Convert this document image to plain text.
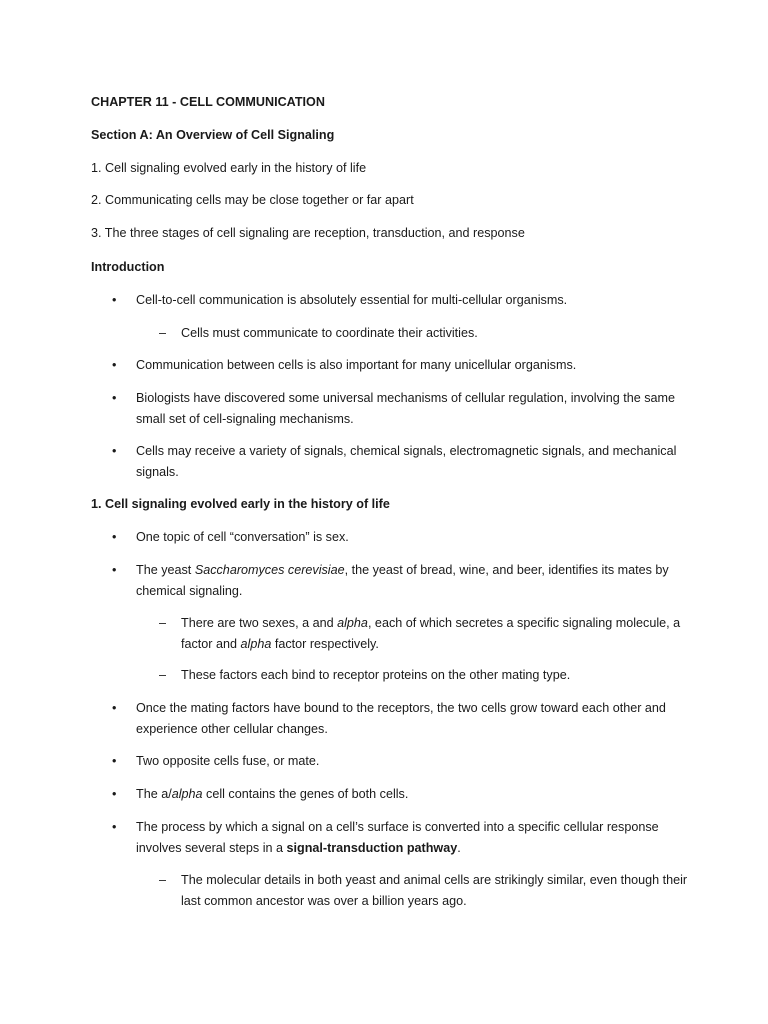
CHAPTER 11 - CELL COMMUNICATION
Section A: An Overview of Cell Signaling
1. Cell signaling evolved early in the history of life
2. Communicating cells may be close together or far apart
3. The three stages of cell signaling are reception, transduction, and response
Introduction
• Cell-to-cell communication is absolutely essential for multi-cellular organisms.
– Cells must communicate to coordinate their activities.
• Communication between cells is also important for many unicellular organisms.
• Biologists have discovered some universal mechanisms of cellular regulation, involving the same small set of cell-signaling mechanisms.
• Cells may receive a variety of signals, chemical signals, electromagnetic signals, and mechanical signals.
1. Cell signaling evolved early in the history of life
• One topic of cell “conversation” is sex.
• The yeast Saccharomyces cerevisiae, the yeast of bread, wine, and beer, identifies its mates by chemical signaling.
– There are two sexes, a and alpha, each of which secretes a specific signaling molecule, a factor and alpha factor respectively.
– These factors each bind to receptor proteins on the other mating type.
• Once the mating factors have bound to the receptors, the two cells grow toward each other and experience other cellular changes.
• Two opposite cells fuse, or mate.
• The a/alpha cell contains the genes of both cells.
• The process by which a signal on a cell’s surface is converted into a specific cellular response involves several steps in a signal-transduction pathway.
– The molecular details in both yeast and animal cells are strikingly similar, even though their last common ancestor was over a billion years ago.
